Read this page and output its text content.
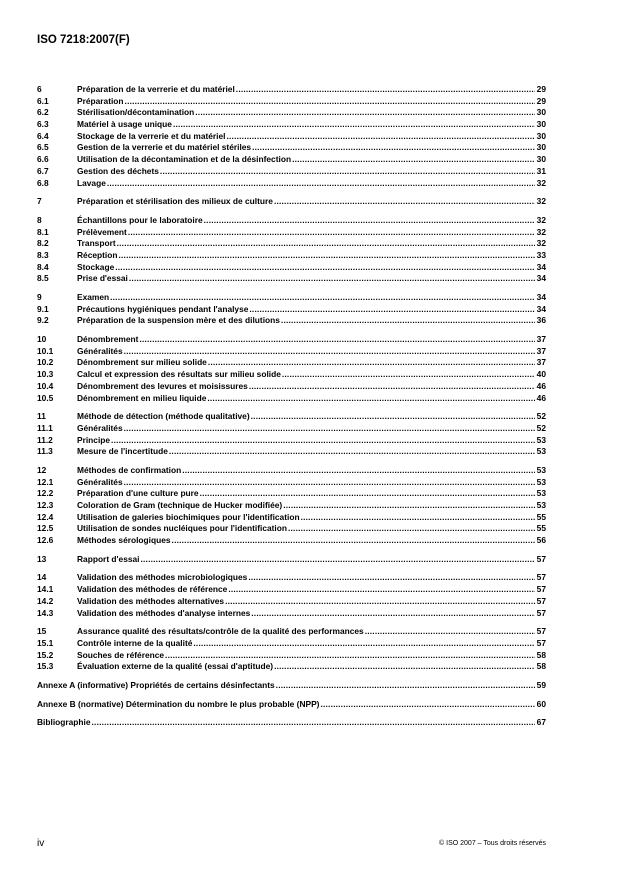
ISO 7218:2007(F)
6	Préparation de la verrerie et du matériel .....	29
6.1	Préparation .....	29
6.2	Stérilisation/décontamination .....	30
6.3	Matériel à usage unique .....	30
6.4	Stockage de la verrerie et du matériel .....	30
6.5	Gestion de la verrerie et du matériel stériles .....	30
6.6	Utilisation de la décontamination et de la désinfection .....	30
6.7	Gestion des déchets .....	31
6.8	Lavage .....	32
7	Préparation et stérilisation des milieux de culture .....	32
8	Échantillons pour le laboratoire .....	32
8.1	Prélèvement .....	32
8.2	Transport .....	32
8.3	Réception .....	33
8.4	Stockage .....	34
8.5	Prise d'essai .....	34
9	Examen .....	34
9.1	Précautions hygiéniques pendant l'analyse .....	34
9.2	Préparation de la suspension mère et des dilutions .....	36
10	Dénombrement .....	37
10.1	Généralités .....	37
10.2	Dénombrement sur milieu solide .....	37
10.3	Calcul et expression des résultats sur milieu solide .....	40
10.4	Dénombrement des levures et moisissures .....	46
10.5	Dénombrement en milieu liquide .....	46
11	Méthode de détection (méthode qualitative) .....	52
11.1	Généralités .....	52
11.2	Principe .....	53
11.3	Mesure de l'incertitude .....	53
12	Méthodes de confirmation .....	53
12.1	Généralités .....	53
12.2	Préparation d'une culture pure .....	53
12.3	Coloration de Gram (technique de Hucker modifiée) .....	53
12.4	Utilisation de galeries biochimiques pour l'identification .....	55
12.5	Utilisation de sondes nucléiques pour l'identification .....	55
12.6	Méthodes sérologiques .....	56
13	Rapport d'essai .....	57
14	Validation des méthodes microbiologiques .....	57
14.1	Validation des méthodes de référence .....	57
14.2	Validation des méthodes alternatives .....	57
14.3	Validation des méthodes d'analyse internes .....	57
15	Assurance qualité des résultats/contrôle de la qualité des performances .....	57
15.1	Contrôle interne de la qualité .....	57
15.2	Souches de référence .....	58
15.3	Évaluation externe de la qualité (essai d'aptitude) .....	58
Annexe A (informative) Propriétés de certains désinfectants .....	59
Annexe B (normative) Détermination du nombre le plus probable (NPP) .....	60
Bibliographie .....	67
iv	© ISO 2007 – Tous droits réservés
